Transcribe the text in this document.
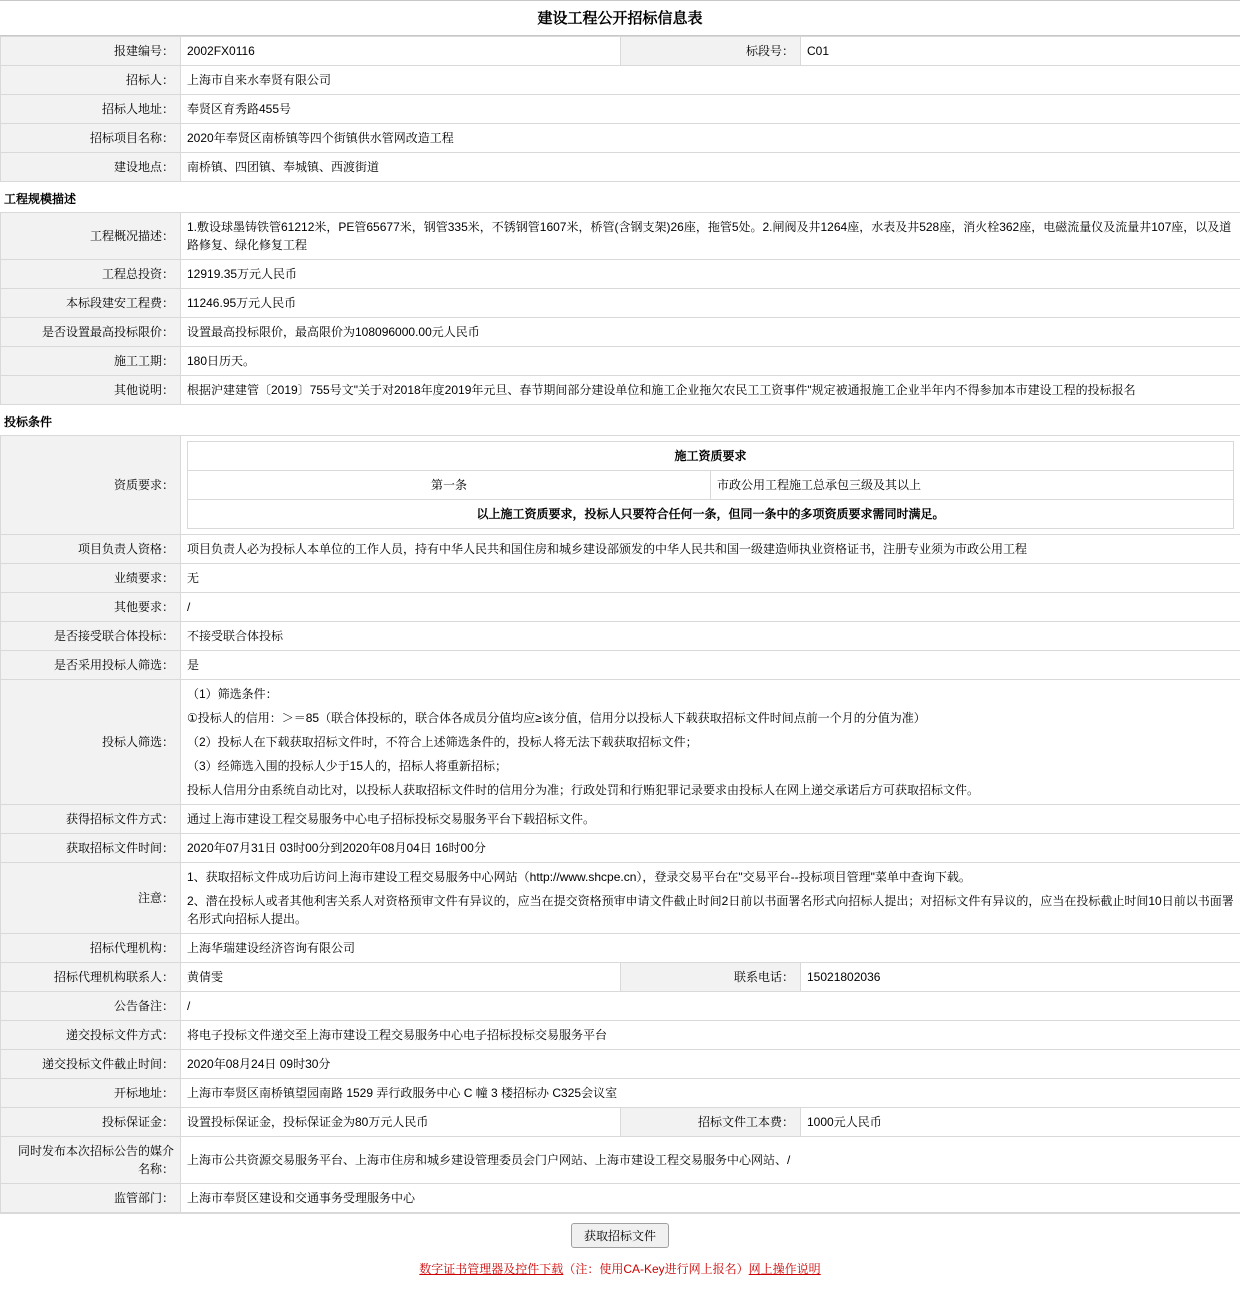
建设工程公开招标信息表
报建编号：	2002FX0116	标段号：	C01
招标人：	上海市自来水奉贤有限公司		
招标人地址：	奉贤区育秀路455号		
招标项目名称：	2020年奉贤区南桥镇等四个街镇供水管网改造工程		
建设地点：	南桥镇、四团镇、奉城镇、西渡街道		
工程规模描述
工程概况描述：	1.敷设球墨铸铁管61212米，PE管65677米，钢管335米，不锈钢管1607米，桥管(含钢支架)26座，拖管5处。2.闸阀及井1264座，水表及井528座，消火栓362座，电磁流量仪及流量井107座，以及道路修复、绿化修复工程
工程总投资：	12919.35万元人民币
本标段建安工程费：	11246.95万元人民币
是否设置最高投标限价：	设置最高投标限价，最高限价为108096000.00元人民币
施工工期：	180日历天。
其他说明：	根据沪建建管〔2019〕755号文"关于对2018年度2019年元旦、春节期间部分建设单位和施工企业拖欠农民工工资事件"规定被通报施工企业半年内不得参加本市建设工程的投标报名
投标条件
资质要求：	
施工资质要求
第一条	市政公用工程施工总承包三级及其以上
以上施工资质要求，投标人只要符合任何一条，但同一条中的多项资质要求需同时满足。

项目负责人资格：	项目负责人必为投标人本单位的工作人员，持有中华人民共和国住房和城乡建设部颁发的中华人民共和国一级建造师执业资格证书，注册专业须为市政公用工程
业绩要求：	无
其他要求：	/
是否接受联合体投标：	不接受联合体投标
是否采用投标人筛选：	是
投标人筛选：	

（1）筛选条件：

①投标人的信用：＞＝85（联合体投标的，联合体各成员分值均应≥该分值，信用分以投标人下载获取招标文件时间点前一个月的分值为准）

（2）投标人在下载获取招标文件时，不符合上述筛选条件的，投标人将无法下载获取招标文件；

（3）经筛选入围的投标人少于15人的，招标人将重新招标；

投标人信用分由系统自动比对，以投标人获取招标文件时的信用分为准；行政处罚和行贿犯罪记录要求由投标人在网上递交承诺后方可获取招标文件。

获得招标文件方式：	通过上海市建设工程交易服务中心电子招标投标交易服务平台下载招标文件。
获取招标文件时间：	2020年07月31日 03时00分到2020年08月04日 16时00分
注意：	

1、获取招标文件成功后访问上海市建设工程交易服务中心网站（http://www.shcpe.cn），登录交易平台在"交易平台--投标项目管理"菜单中查询下载。

2、潜在投标人或者其他利害关系人对资格预审文件有异议的，应当在提交资格预审申请文件截止时间2日前以书面署名形式向招标人提出；对招标文件有异议的，应当在投标截止时间10日前以书面署名形式向招标人提出。

招标代理机构：	上海华瑞建设经济咨询有限公司
招标代理机构联系人：	黄倩雯	联系电话：	15021802036
公告备注：	/
递交投标文件方式：	将电子投标文件递交至上海市建设工程交易服务中心电子招标投标交易服务平台
递交投标文件截止时间：	2020年08月24日 09时30分
开标地址：	上海市奉贤区南桥镇望园南路 1529 弄行政服务中心 C 幢 3 楼招标办 C325会议室
投标保证金：	设置投标保证金，投标保证金为80万元人民币	招标文件工本费：	1000元人民币
同时发布本次招标公告的媒介名称：	上海市公共资源交易服务平台、上海市住房和城乡建设管理委员会门户网站、上海市建设工程交易服务中心网站、/
监管部门：	上海市奉贤区建设和交通事务受理服务中心
获取招标文件
数字证书管理器及控件下载（注：使用CA-Key进行网上报名）网上操作说明
